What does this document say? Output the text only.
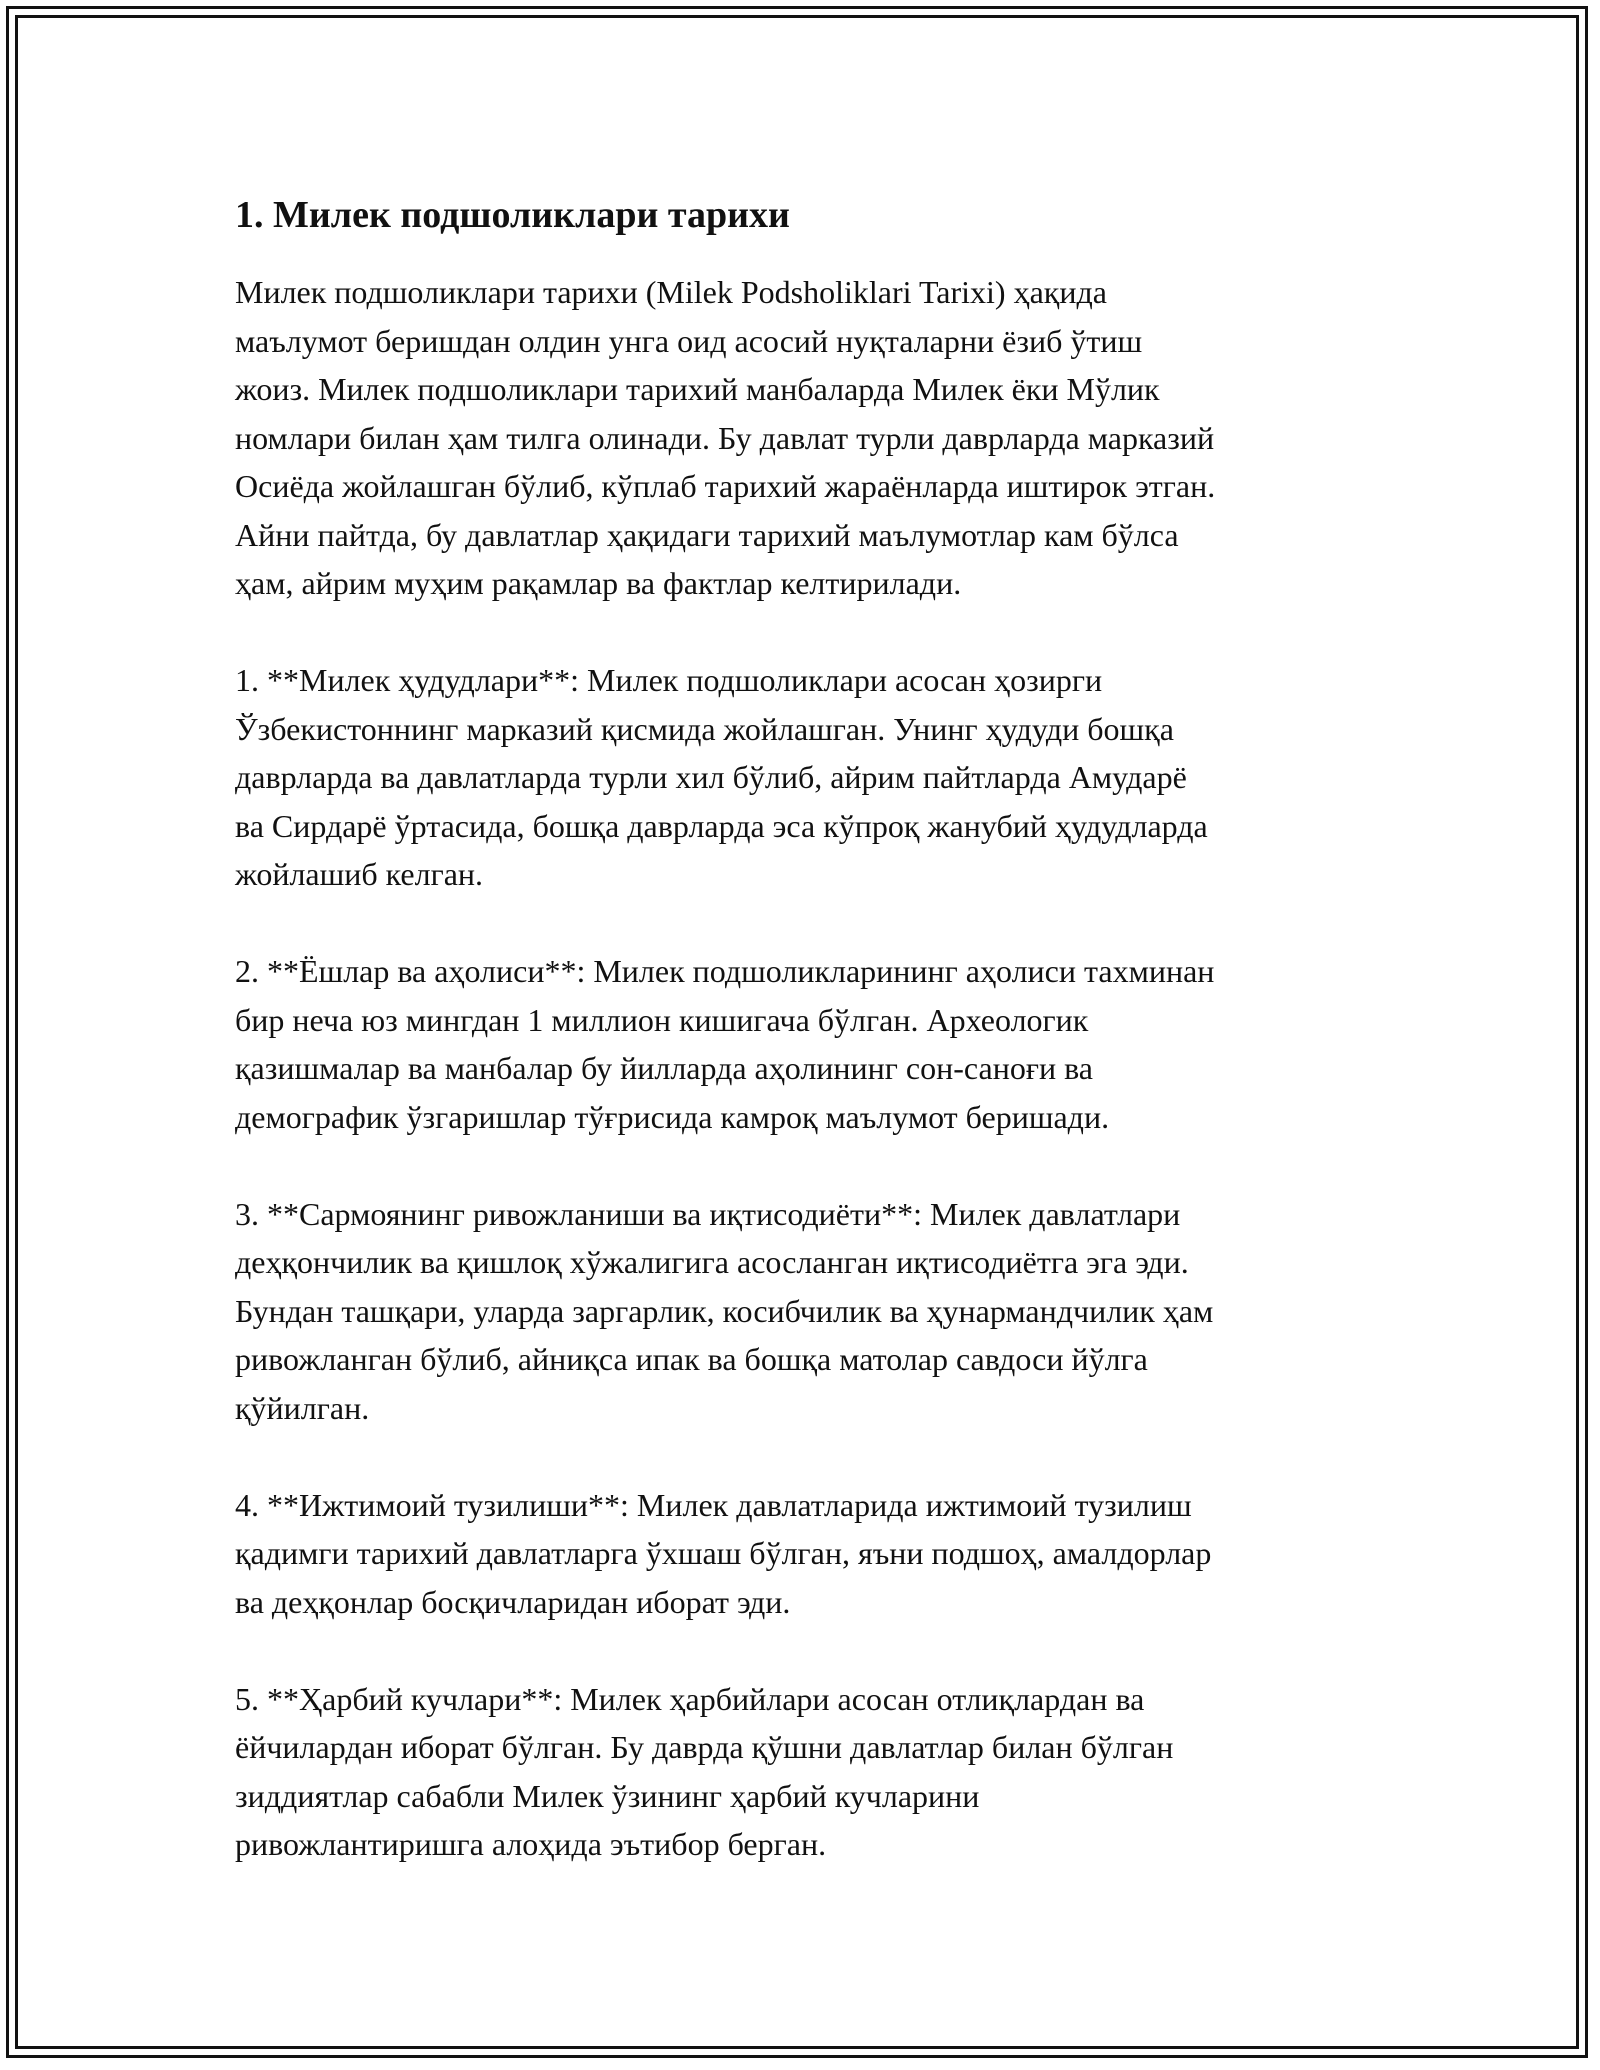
1. Милек подшоликлари тарихи

Милек подшоликлари тарихи (Milek Podsholiklari Tarixi) ҳақида
маълумот беришдан олдин унга оид асосий нуқталарни ёзиб ўтиш
жоиз. Милек подшоликлари тарихий манбаларда Милек ёки Мўлик
номлари билан ҳам тилга олинади. Бу давлат турли даврларда марказий
Осиёда жойлашган бўлиб, кўплаб тарихий жараёнларда иштирок этган.
Айни пайтда, бу давлатлар ҳақидаги тарихий маълумотлар кам бўлса
ҳам, айрим муҳим рақамлар ва фактлар келтирилади.

1. **Милек ҳудудлари**: Милек подшоликлари асосан ҳозирги
Ўзбекистоннинг марказий қисмида жойлашган. Унинг ҳудуди бошқа
даврларда ва давлатларда турли хил бўлиб, айрим пайтларда Амударё
ва Сирдарё ўртасида, бошқа даврларда эса кўпроқ жанубий ҳудудларда
жойлашиб келган.

2. **Ёшлар ва аҳолиси**: Милек подшоликларининг аҳолиси тахминан
бир неча юз мингдан 1 миллион кишигача бўлган. Археологик
қазишмалар ва манбалар бу йилларда аҳолининг сон-саноғи ва
демографик ўзгаришлар тўғрисида камроқ маълумот беришади.

3. **Сармоянинг ривожланиши ва иқтисодиёти**: Милек давлатлари
деҳқончилик ва қишлоқ хўжалигига асосланган иқтисодиётга эга эди.
Бундан ташқари, уларда заргарлик, косибчилик ва ҳунармандчилик ҳам
ривожланган бўлиб, айниқса ипак ва бошқа матолар савдоси йўлга
қўйилган.

4. **Ижтимоий тузилиши**: Милек давлатларида ижтимоий тузилиш
қадимги тарихий давлатларга ўхшаш бўлган, яъни подшоҳ, амалдорлар
ва деҳқонлар босқичларидан иборат эди.

5. **Ҳарбий кучлари**: Милек ҳарбийлари асосан отлиқлардан ва
ёйчилардан иборат бўлган. Бу даврда қўшни давлатлар билан бўлган
зиддиятлар сабабли Милек ўзининг ҳарбий кучларини
ривожлантиришга алоҳида эътибор берган.
